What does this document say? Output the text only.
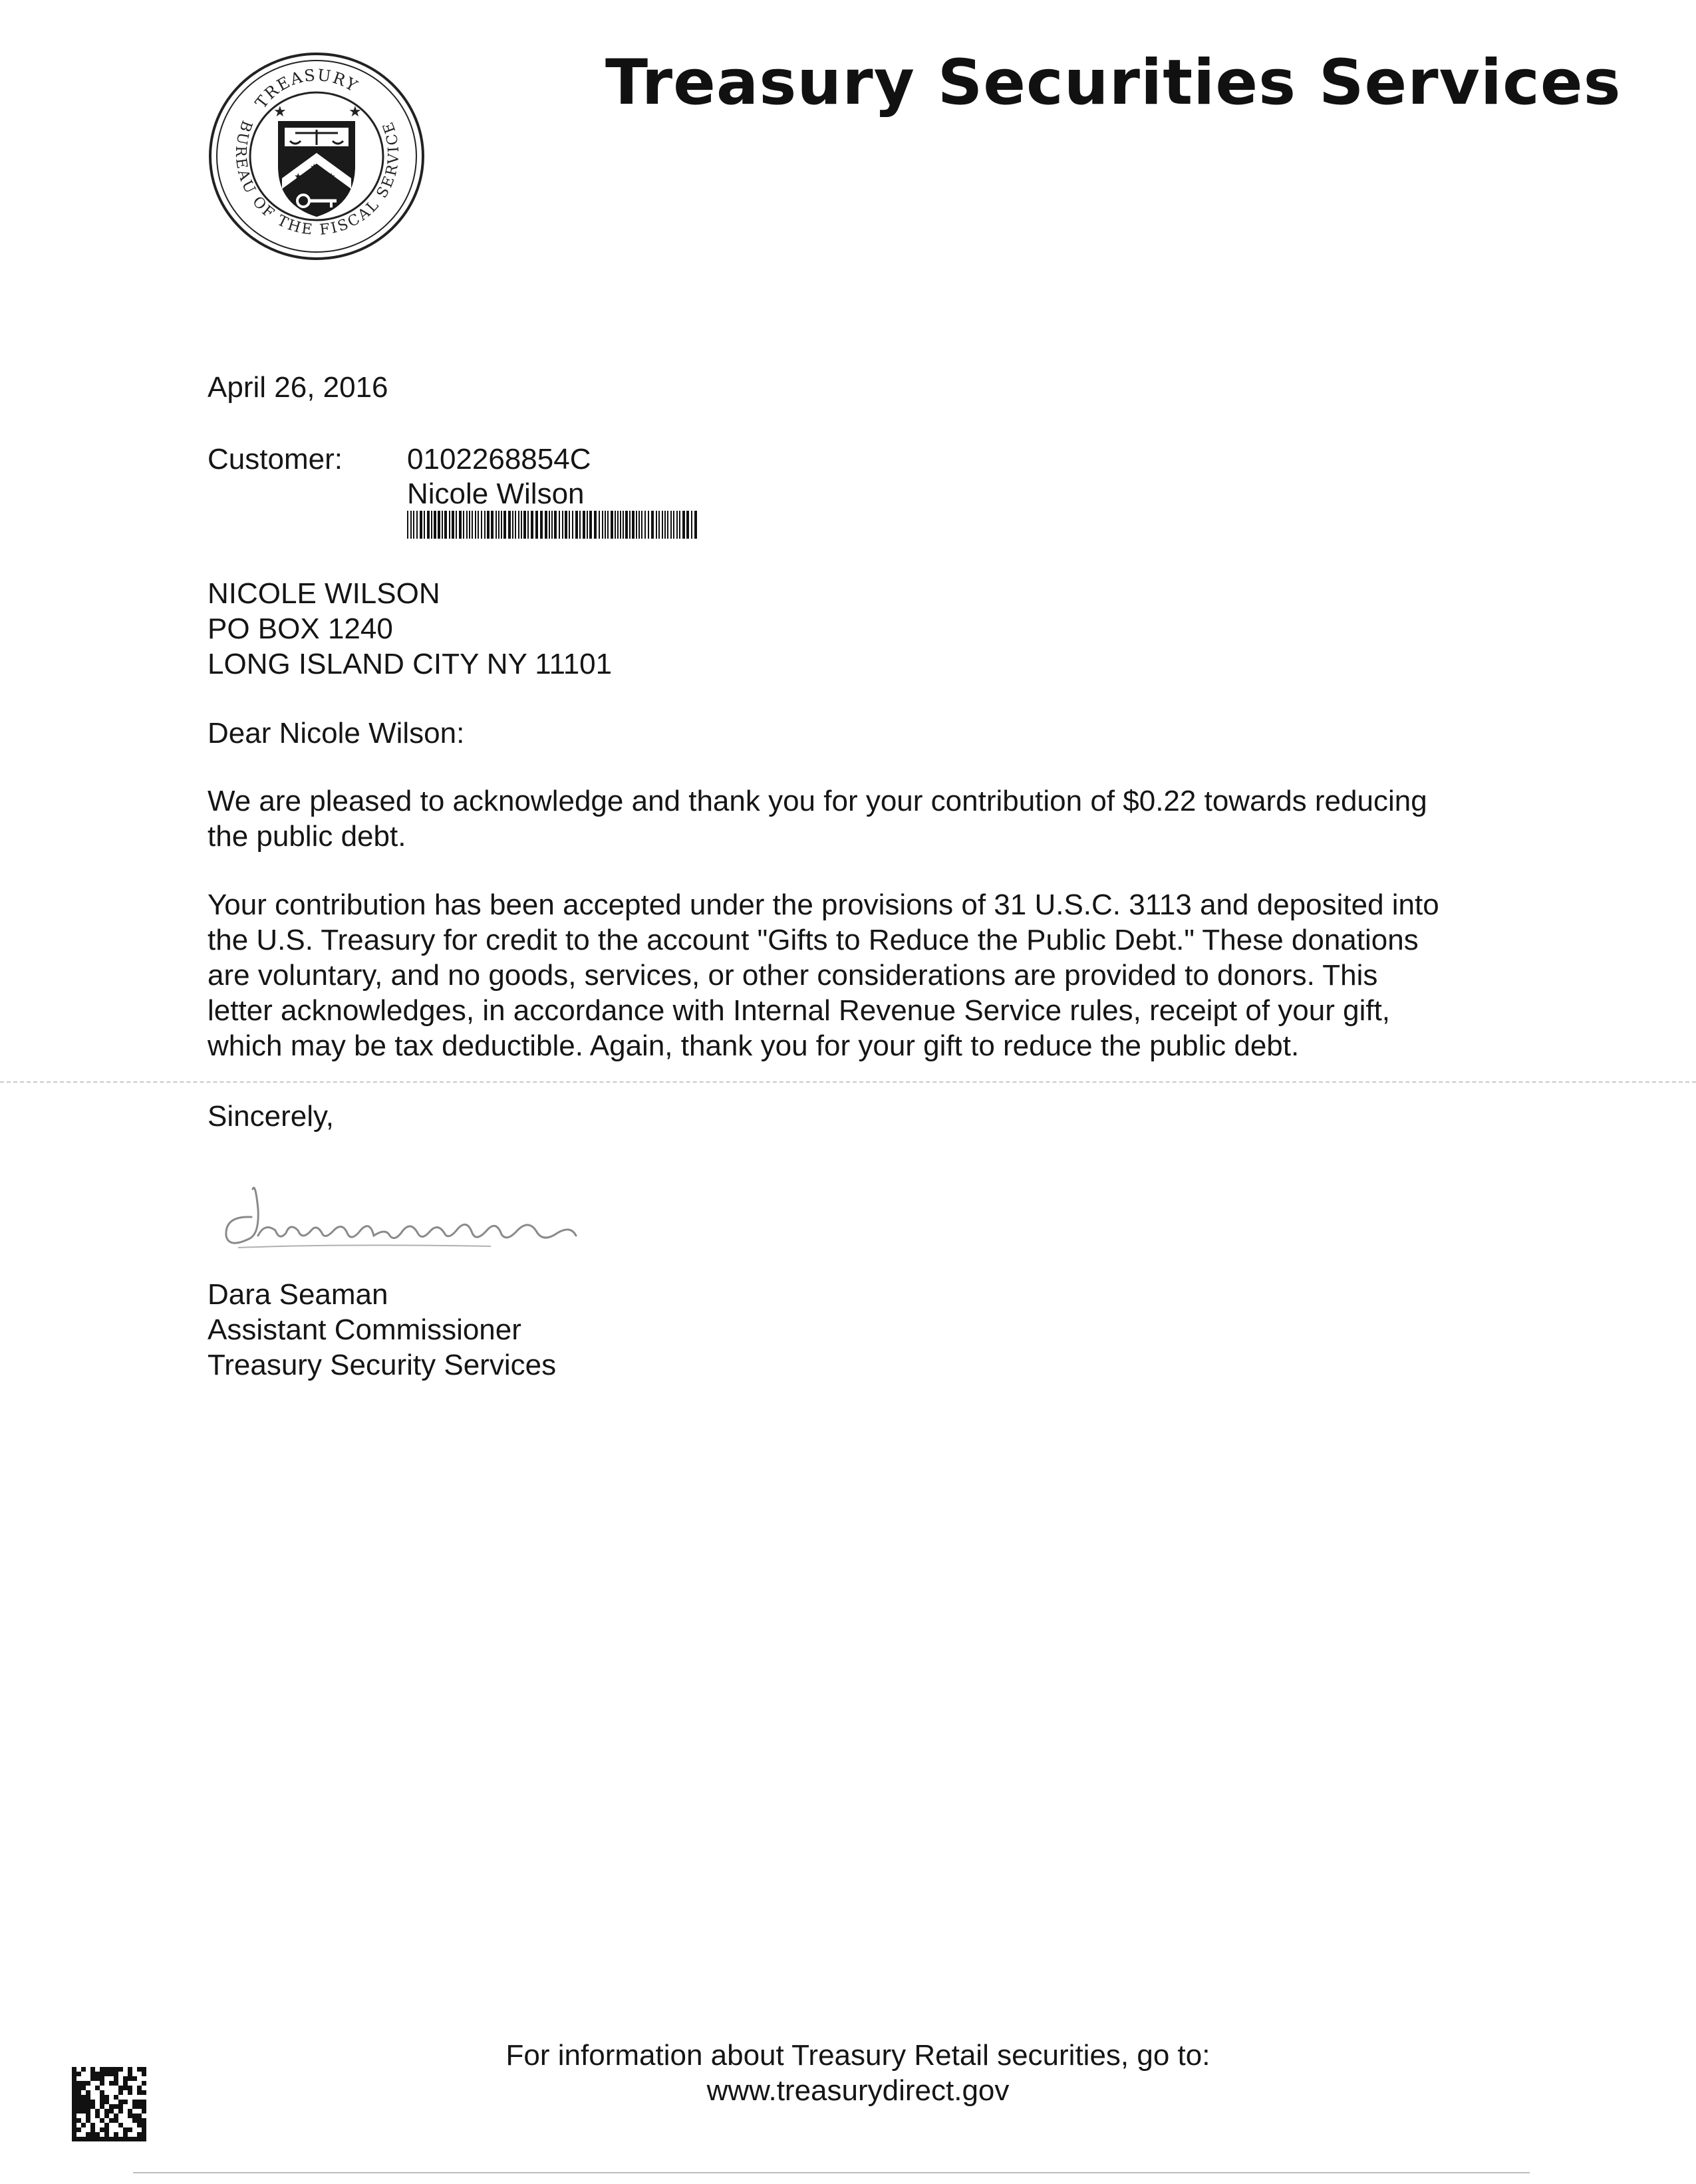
TREASURY
BUREAU OF THE FISCAL SERVICE
★	★
★
★
★
Treasury Securities Services
April 26, 2016
Customer: 0102268854C
Nicole Wilson
NICOLE WILSON
PO BOX 1240
LONG ISLAND CITY NY 11101
Dear Nicole Wilson:
We are pleased to acknowledge and thank you for your contribution of $0.22 towards reducing
the public debt.
Your contribution has been accepted under the provisions of 31 U.S.C. 3113 and deposited into
the U.S. Treasury for credit to the account "Gifts to Reduce the Public Debt." These donations
are voluntary, and no goods, services, or other considerations are provided to donors. This
letter acknowledges, in accordance with Internal Revenue Service rules, receipt of your gift,
which may be tax deductible. Again, thank you for your gift to reduce the public debt.
Sincerely,
Dara Seaman
Assistant Commissioner
Treasury Security Services
For information about Treasury Retail securities, go to:
www.treasurydirect.gov
